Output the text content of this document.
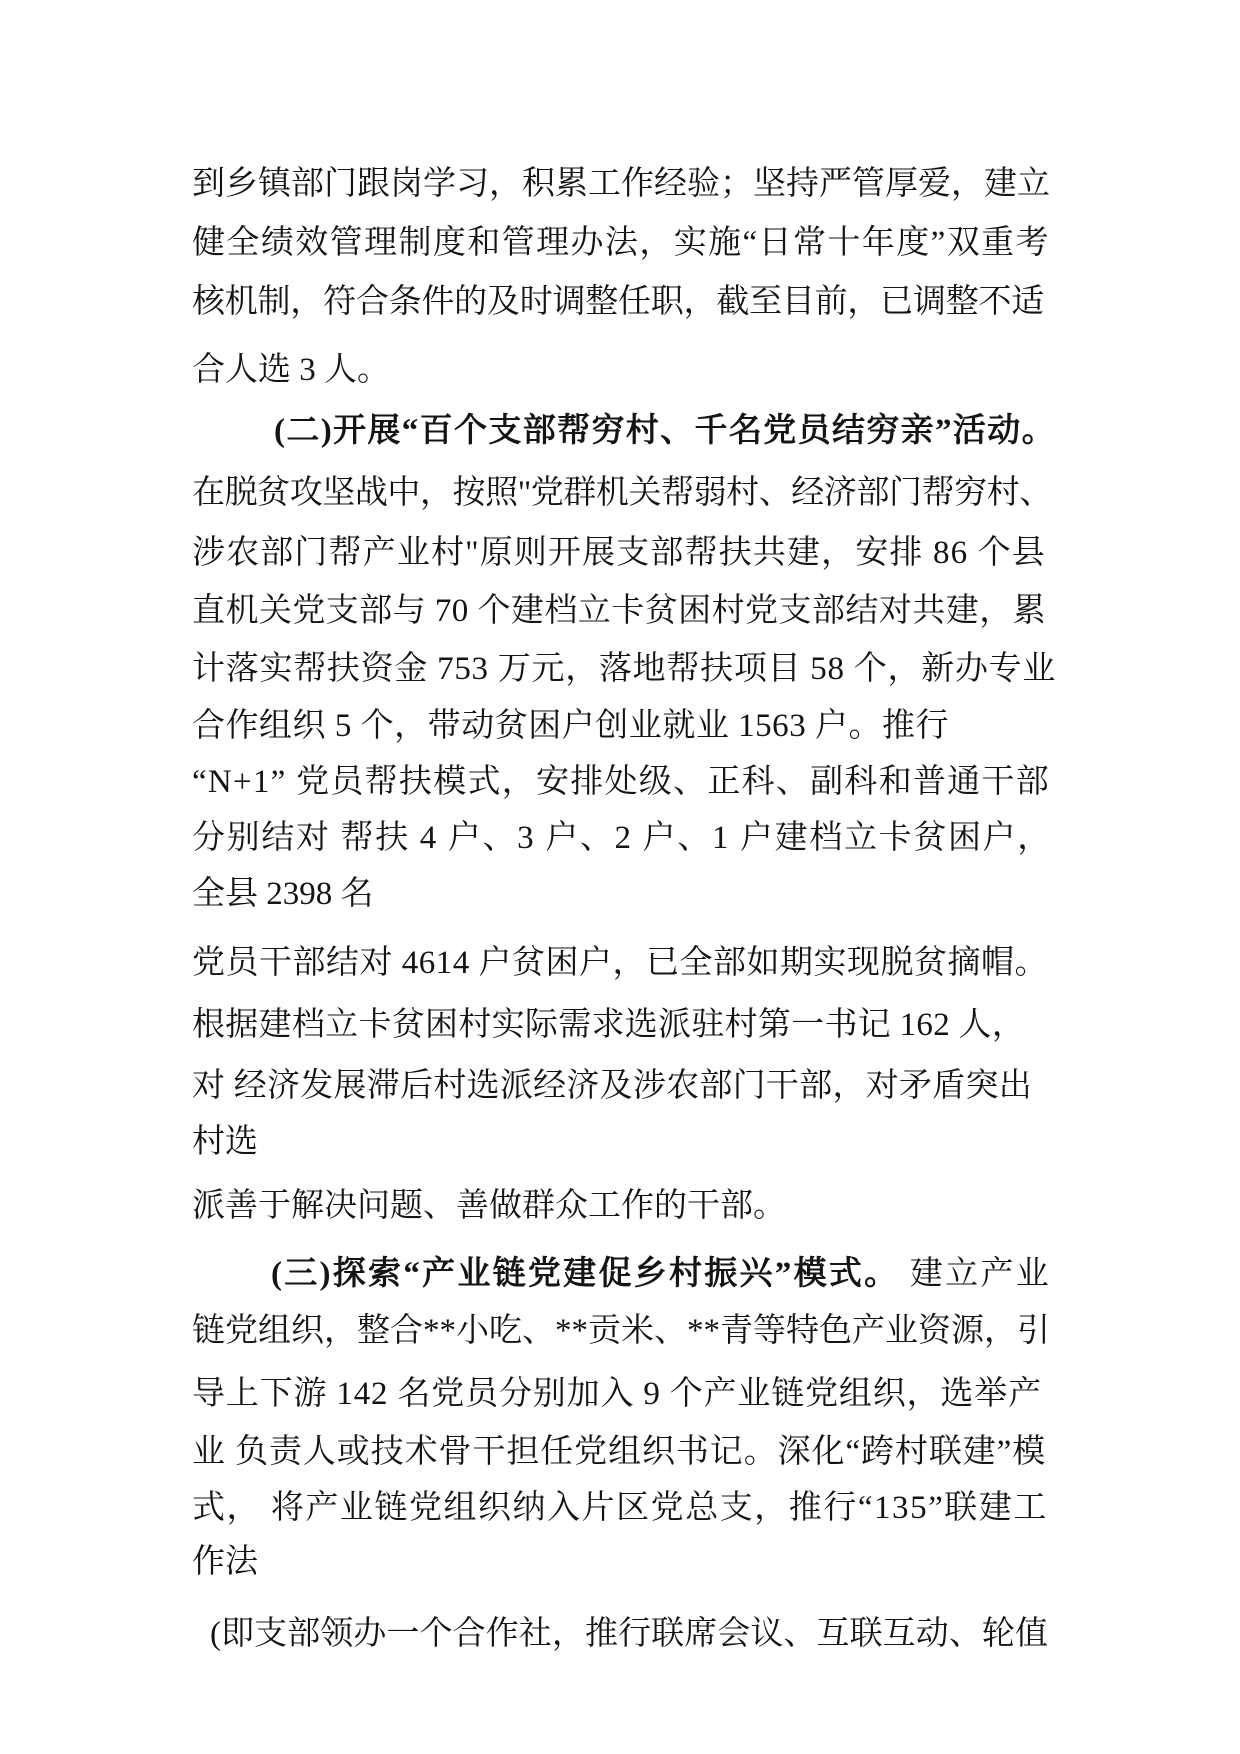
到乡镇部门跟岗学习，积累工作经验；坚持严管厚爱，建立
健全绩效管理制度和管理办法，实施“日常十年度”双重考
核机制，符合条件的及时调整任职，截至目前，已调整不适
合人选 3 人。
(二)开展“百个支部帮穷村、千名党员结穷亲”活动。
在脱贫攻坚战中，按照"党群机关帮弱村、经济部门帮穷村、
涉农部门帮产业村"原则开展支部帮扶共建，安排 86 个县
直机关党支部与 70 个建档立卡贫困村党支部结对共建，累
计落实帮扶资金 753 万元，落地帮扶项目 58 个，新办专业
合作组织 5 个，带动贫困户创业就业 1563 户。推行
“N+1” 党员帮扶模式，安排处级、正科、副科和普通干部
分别结对 帮扶 4 户、3 户、2 户、1 户建档立卡贫困户，
全县 2398 名
党员干部结对 4614 户贫困户，已全部如期实现脱贫摘帽。
根据建档立卡贫困村实际需求选派驻村第一书记 162 人，
对 经济发展滞后村选派经济及涉农部门干部，对矛盾突出
村选
派善于解决问题、善做群众工作的干部。
(三)探索“产业链党建促乡村振兴”模式。 建立产业
链党组织，整合**小吃、**贡米、**青等特色产业资源，引
导上下游 142 名党员分别加入 9 个产业链党组织，选举产
业 负责人或技术骨干担任党组织书记。深化“跨村联建”模
式， 将产业链党组织纳入片区党总支，推行“135”联建工
作法
(即支部领办一个合作社，推行联席会议、互联互动、轮值
